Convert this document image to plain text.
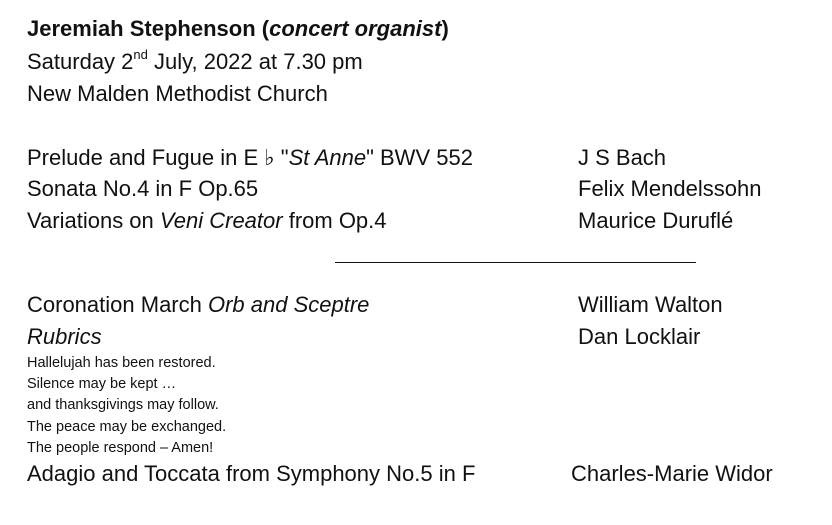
Jeremiah Stephenson (concert organist)
Saturday 2nd July, 2022 at 7.30 pm
New Malden Methodist Church
Prelude and Fugue in E ♭ "St Anne" BWV 552	J S Bach
Sonata No.4 in F Op.65	Felix Mendelssohn
Variations on Veni Creator from Op.4	Maurice Duruflé
Coronation March Orb and Sceptre	William Walton
Rubrics	Dan Locklair
Hallelujah has been restored.
Silence may be kept …
and thanksgivings may follow.
The peace may be exchanged.
The people respond – Amen!
Adagio and Toccata from Symphony No.5 in F	Charles-Marie Widor
